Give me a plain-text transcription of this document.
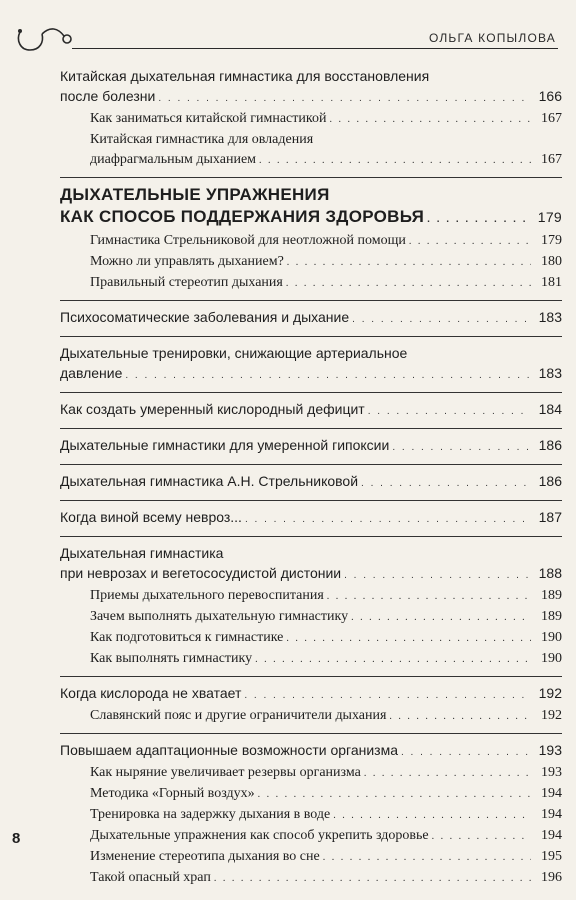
ОЛЬГА КОПЫЛОВА
Китайская дыхательная гимнастика для восстановления
после болезни . . .	166
Как заниматься китайской гимнастикой . . .	167
Китайская гимнастика для овладения
диафрагмальным дыханием . . .	167
ДЫХАТЕЛЬНЫЕ УПРАЖНЕНИЯ
КАК СПОСОБ ПОДДЕРЖАНИЯ ЗДОРОВЬЯ . . .	179
Гимнастика Стрельниковой для неотложной помощи . . .	179
Можно ли управлять дыханием? . . .	180
Правильный стереотип дыхания . . .	181
Психосоматические заболевания и дыхание . . .	183
Дыхательные тренировки, снижающие артериальное
давление . . .	183
Как создать умеренный кислородный дефицит . . .	184
Дыхательные гимнастики для умеренной гипоксии . . .	186
Дыхательная гимнастика А.Н. Стрельниковой . . .	186
Когда виной всему невроз... . . .	187
Дыхательная гимнастика
при неврозах и вегетососудистой дистонии . . .	188
Приемы дыхательного перевоспитания . . .	189
Зачем выполнять дыхательную гимнастику . . .	189
Как подготовиться к гимнастике . . .	190
Как выполнять гимнастику . . .	190
Когда кислорода не хватает . . .	192
Славянский пояс и другие ограничители дыхания . . .	192
Повышаем адаптационные возможности организма . . .	193
Как ныряние увеличивает резервы организма . . .	193
Методика «Горный воздух» . . .	194
Тренировка на задержку дыхания в воде . . .	194
Дыхательные упражнения как способ укрепить здоровье . . .	194
Изменение стереотипа дыхания во сне . . .	195
Такой опасный храп . . .	196
8
